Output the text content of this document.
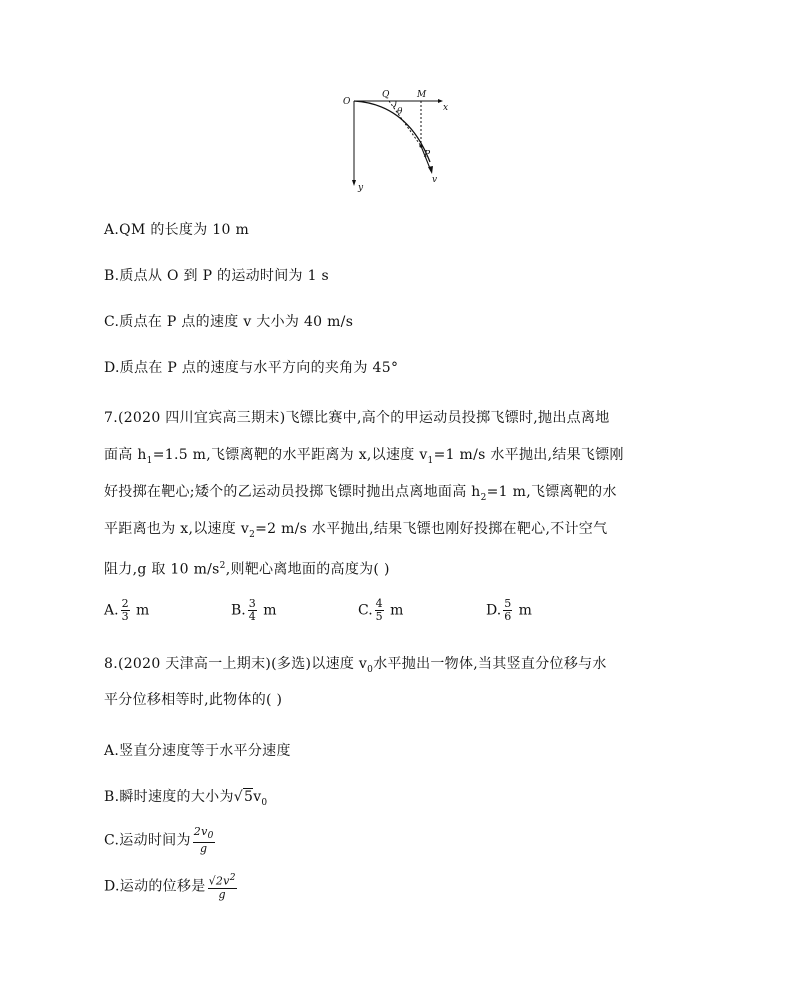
O
Q	M
x
θ
P
v
y
A.QM 的长度为 10 m
B.质点从 O 到 P 的运动时间为 1 s
C.质点在 P 点的速度 v 大小为 40 m/s
D.质点在 P 点的速度与水平方向的夹角为 45°
7.(2020 四川宜宾高三期末)飞镖比赛中,高个的甲运动员投掷飞镖时,抛出点离地
面高 $h_1=1.5$ m,飞镖离靶的水平距离为 x,以速度 $v_1=1$ m/s 水平抛出,结果飞镖刚
好投掷在靶心;矮个的乙运动员投掷飞镖时抛出点离地面高 $h_2=1$ m,飞镖离靶的水
平距离也为 x,以速度 $v_2=2$ m/s 水平抛出,结果飞镖也刚好投掷在靶心,不计空气
阻力,g 取 10 $m/s^2$,则靶心离地面的高度为( )
A. $\frac{2}{3}$ m	B. $\frac{3}{4}$ m	C. $\frac{4}{5}$ m	D. $\frac{5}{6}$ m
8.(2020 天津高一上期末)(多选)以速度 $v_0$水平抛出一物体,当其竖直分位移与水
平分位移相等时,此物体的( )
A.竖直分速度等于水平分速度
B.瞬时速度的大小为$√5v_0$
C.运动时间为 $\frac{2v_0}{g}$
D.运动的位移是 $\frac{√2v^2}{g}$
